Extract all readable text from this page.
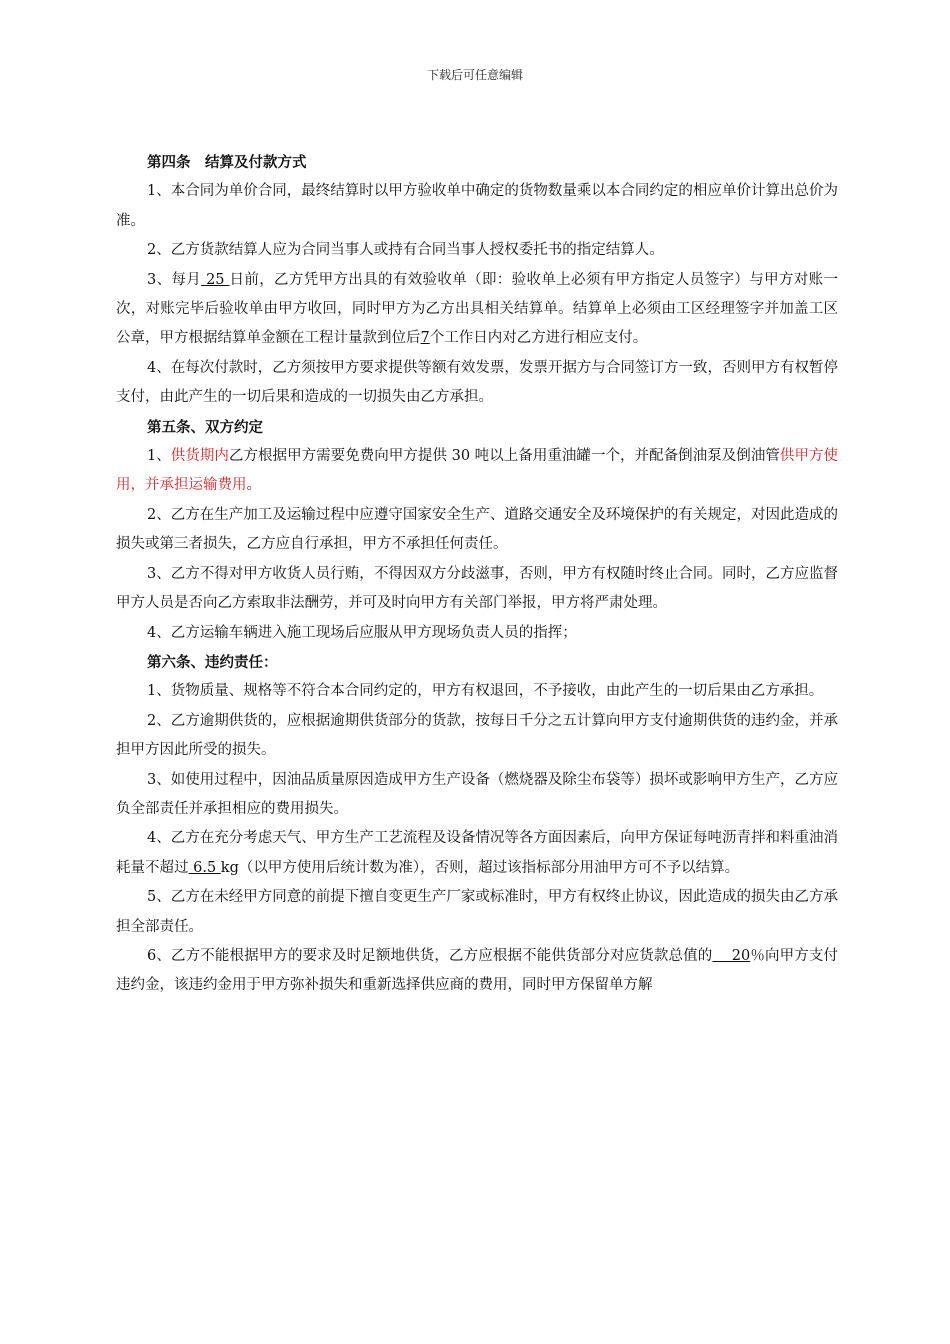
下载后可任意编辑

第四条　结算及付款方式

1、本合同为单价合同，最终结算时以甲方验收单中确定的货物数量乘以本合同约定的相应单价计算出总价为准。

2、乙方货款结算人应为合同当事人或持有合同当事人授权委托书的指定结算人。

3、每月 25 日前，乙方凭甲方出具的有效验收单（即：验收单上必须有甲方指定人员签字）与甲方对账一次，对账完毕后验收单由甲方收回，同时甲方为乙方出具相关结算单。结算单上必须由工区经理签字并加盖工区公章，甲方根据结算单金额在工程计量款到位后7个工作日内对乙方进行相应支付。

4、在每次付款时，乙方须按甲方要求提供等额有效发票，发票开据方与合同签订方一致，否则甲方有权暂停支付，由此产生的一切后果和造成的一切损失由乙方承担。

第五条、双方约定

1、供货期内乙方根据甲方需要免费向甲方提供 30 吨以上备用重油罐一个，并配备倒油泵及倒油管供甲方使用，并承担运输费用。

2、乙方在生产加工及运输过程中应遵守国家安全生产、道路交通安全及环境保护的有关规定，对因此造成的损失或第三者损失，乙方应自行承担，甲方不承担任何责任。

3、乙方不得对甲方收货人员行贿，不得因双方分歧滋事，否则，甲方有权随时终止合同。同时，乙方应监督甲方人员是否向乙方索取非法酬劳，并可及时向甲方有关部门举报，甲方将严肃处理。

4、乙方运输车辆进入施工现场后应服从甲方现场负责人员的指挥；

第六条、违约责任：

1、货物质量、规格等不符合本合同约定的，甲方有权退回，不予接收，由此产生的一切后果由乙方承担。

2、乙方逾期供货的，应根据逾期供货部分的货款，按每日千分之五计算向甲方支付逾期供货的违约金，并承担甲方因此所受的损失。

3、如使用过程中，因油品质量原因造成甲方生产设备（燃烧器及除尘布袋等）损坏或影响甲方生产，乙方应负全部责任并承担相应的费用损失。

4、乙方在充分考虑天气、甲方生产工艺流程及设备情况等各方面因素后，向甲方保证每吨沥青拌和料重油消耗量不超过 6.5 kg（以甲方使用后统计数为准），否则，超过该指标部分用油甲方可不予以结算。

5、乙方在未经甲方同意的前提下擅自变更生产厂家或标准时，甲方有权终止协议，因此造成的损失由乙方承担全部责任。

6、乙方不能根据甲方的要求及时足额地供货，乙方应根据不能供货部分对应货款总值的　 20％向甲方支付违约金，该违约金用于甲方弥补损失和重新选择供应商的费用，同时甲方保留单方解
